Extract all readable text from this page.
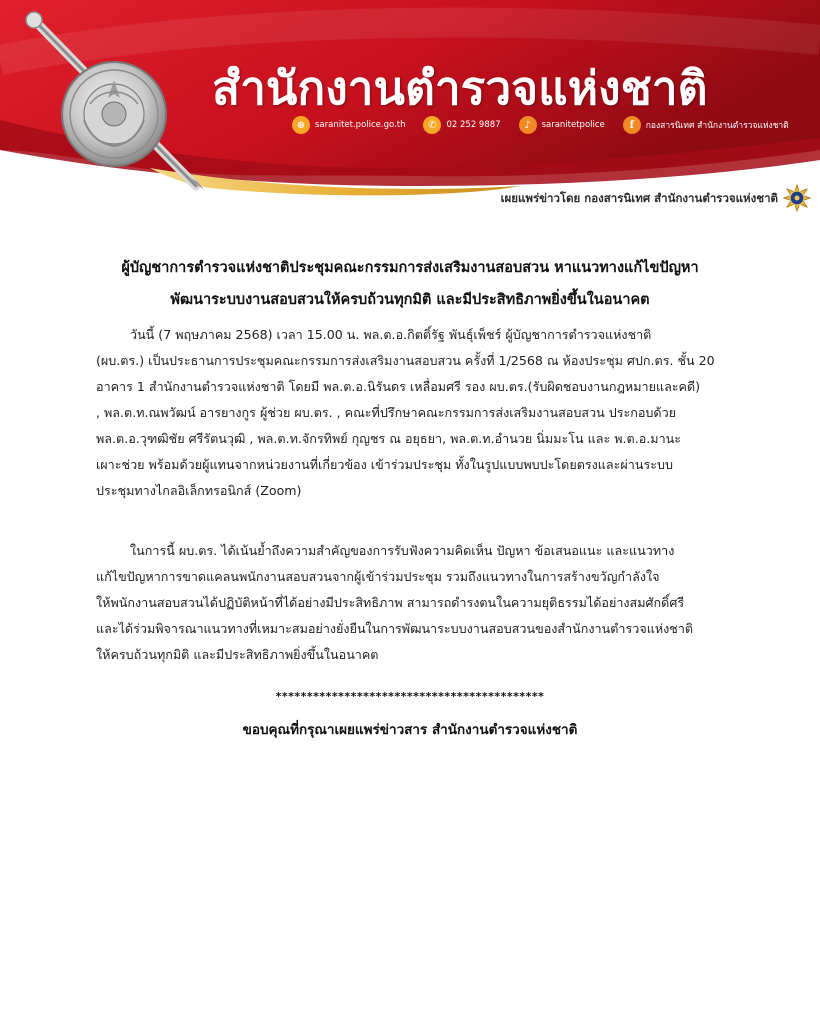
สำนักงานตำรวจแห่งชาติ
⊕	saranitet.police.go.th	✆	02 252 9887	♪	saranitetpolice	f	กองสารนิเทศ สำนักงานตำรวจแห่งชาติ
เผยแพร่ข่าวโดย กองสารนิเทศ สำนักงานตำรวจแห่งชาติ
ผู้บัญชาการตำรวจแห่งชาติประชุมคณะกรรมการส่งเสริมงานสอบสวน หาแนวทางแก้ไขปัญหา
พัฒนาระบบงานสอบสวนให้ครบถ้วนทุกมิติ และมีประสิทธิภาพยิ่งขึ้นในอนาคต
วันนี้ (7 พฤษภาคม 2568) เวลา 15.00 น. พล.ต.อ.กิตติ์รัฐ พันธุ์เพ็ชร์ ผู้บัญชาการตำรวจแห่งชาติ
(ผบ.ตร.) เป็นประธานการประชุมคณะกรรมการส่งเสริมงานสอบสวน ครั้งที่ 1/2568 ณ ห้องประชุม ศปก.ตร. ชั้น 20
อาคาร 1 สำนักงานตำรวจแห่งชาติ โดยมี พล.ต.อ.นิรันดร เหลื่อมศรี รอง ผบ.ตร.(รับผิดชอบงานกฎหมายและคดี)
, พล.ต.ท.ณพวัฒน์ อารยางกูร ผู้ช่วย ผบ.ตร. , คณะที่ปรึกษาคณะกรรมการส่งเสริมงานสอบสวน ประกอบด้วย
พล.ต.อ.วุฑฒิชัย ศรีรัตนวุฒิ , พล.ต.ท.จักรทิพย์ กุญชร ณ อยุธยา, พล.ต.ท.อำนวย นิ่มมะโน และ พ.ต.อ.มานะ
เผาะช่วย พร้อมด้วยผู้แทนจากหน่วยงานที่เกี่ยวข้อง เข้าร่วมประชุม ทั้งในรูปแบบพบปะโดยตรงและผ่านระบบ
ประชุมทางไกลอิเล็กทรอนิกส์ (Zoom)
ในการนี้ ผบ.ตร. ได้เน้นย้ำถึงความสำคัญของการรับฟังความคิดเห็น ปัญหา ข้อเสนอแนะ และแนวทาง
แก้ไขปัญหาการขาดแคลนพนักงานสอบสวนจากผู้เข้าร่วมประชุม รวมถึงแนวทางในการสร้างขวัญกำลังใจ
ให้พนักงานสอบสวนได้ปฏิบัติหน้าที่ได้อย่างมีประสิทธิภาพ สามารถดำรงตนในความยุติธรรมได้อย่างสมศักดิ์ศรี
และได้ร่วมพิจารณาแนวทางที่เหมาะสมอย่างยั่งยืนในการพัฒนาระบบงานสอบสวนของสำนักงานตำรวจแห่งชาติ
ให้ครบถ้วนทุกมิติ และมีประสิทธิภาพยิ่งขึ้นในอนาคต
*******************************************
ขอบคุณที่กรุณาเผยแพร่ข่าวสาร สำนักงานตำรวจแห่งชาติ
